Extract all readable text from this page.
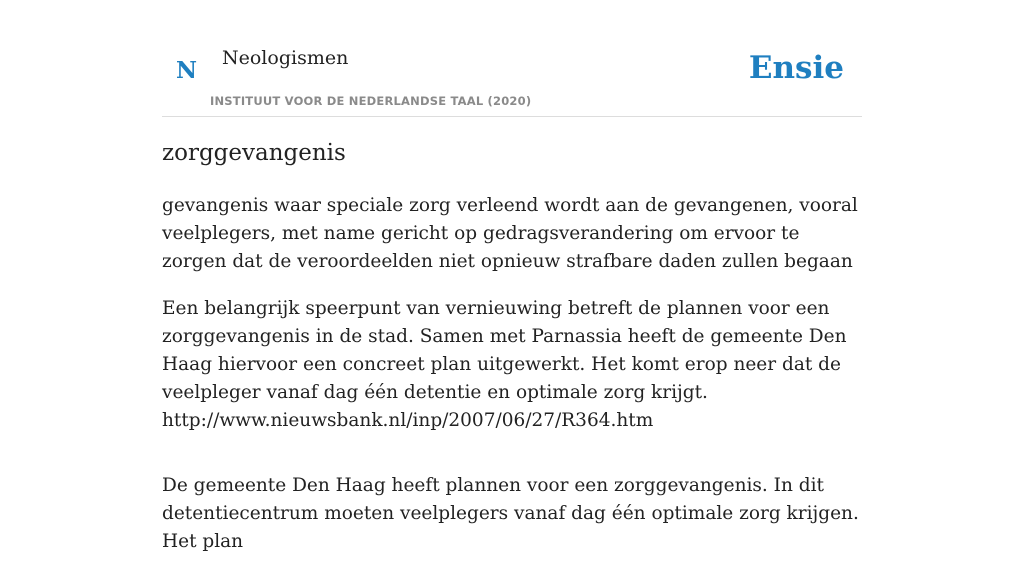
N Neologismen
INSTITUUT VOOR DE NEDERLANDSE TAAL (2020)
Ensie
zorggevangenis

gevangenis waar speciale zorg verleend wordt aan de gevangenen, vooral veelplegers, met name gericht op gedragsverandering om ervoor te zorgen dat de veroordeelden niet opnieuw strafbare daden zullen begaan

Een belangrijk speerpunt van vernieuwing betreft de plannen voor een zorggevangenis in de stad. Samen met Parnassia heeft de gemeente Den Haag hiervoor een concreet plan uitgewerkt. Het komt erop neer dat de veelpleger vanaf dag één detentie en optimale zorg krijgt.
http://www.nieuwsbank.nl/inp/2007/06/27/R364.htm

De gemeente Den Haag heeft plannen voor een zorggevangenis. In dit detentiecentrum moeten veelplegers vanaf dag één optimale zorg krijgen. Het plan
